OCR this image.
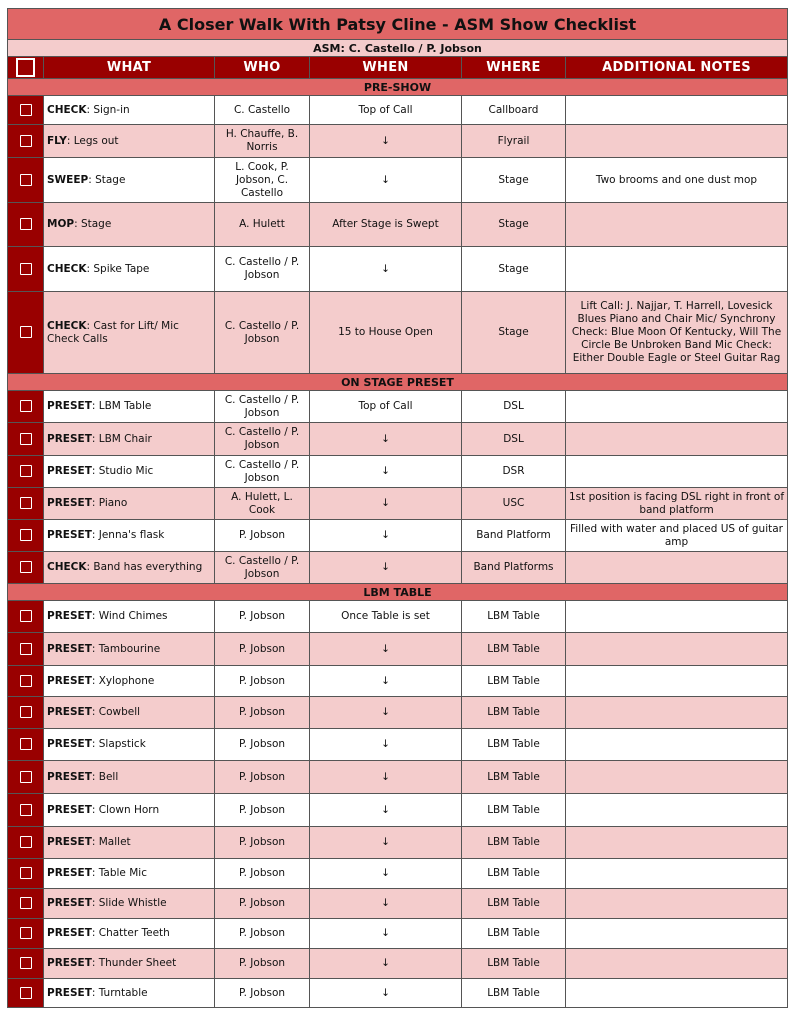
A Closer Walk With Patsy Cline - ASM Show Checklist					
ASM: C. Castello / P. Jobson					
	WHAT	WHO	WHEN	WHERE	ADDITIONAL NOTES
PRE-SHOW					
	CHECK: Sign-in	C. Castello	Top of Call	Callboard	
	FLY: Legs out	H. Chauffe, B. Norris	↓	Flyrail	
	SWEEP: Stage	L. Cook, P. Jobson, C. Castello	↓	Stage	Two brooms and one dust mop
	MOP: Stage	A. Hulett	After Stage is Swept	Stage	
	CHECK: Spike Tape	C. Castello / P. Jobson	↓	Stage	
	CHECK: Cast for Lift/ Mic Check Calls	C. Castello / P. Jobson	15 to House Open	Stage	Lift Call: J. Najjar, T. Harrell, Lovesick Blues Piano and Chair Mic/ Synchrony Check: Blue Moon Of Kentucky, Will The Circle Be Unbroken Band Mic Check: Either Double Eagle or Steel Guitar Rag
ON STAGE PRESET					
	PRESET: LBM Table	C. Castello / P. Jobson	Top of Call	DSL	
	PRESET: LBM Chair	C. Castello / P. Jobson	↓	DSL	
	PRESET: Studio Mic	C. Castello / P. Jobson	↓	DSR	
	PRESET: Piano	A. Hulett, L. Cook	↓	USC	1st position is facing DSL right in front of band platform
	PRESET: Jenna's flask	P. Jobson	↓	Band Platform	Filled with water and placed US of guitar amp
	CHECK: Band has everything	C. Castello / P. Jobson	↓	Band Platforms	
LBM TABLE					
	PRESET: Wind Chimes	P. Jobson	Once Table is set	LBM Table	
	PRESET: Tambourine	P. Jobson	↓	LBM Table	
	PRESET: Xylophone	P. Jobson	↓	LBM Table	
	PRESET: Cowbell	P. Jobson	↓	LBM Table	
	PRESET: Slapstick	P. Jobson	↓	LBM Table	
	PRESET: Bell	P. Jobson	↓	LBM Table	
	PRESET: Clown Horn	P. Jobson	↓	LBM Table	
	PRESET: Mallet	P. Jobson	↓	LBM Table	
	PRESET: Table Mic	P. Jobson	↓	LBM Table	
	PRESET: Slide Whistle	P. Jobson	↓	LBM Table	
	PRESET: Chatter Teeth	P. Jobson	↓	LBM Table	
	PRESET: Thunder Sheet	P. Jobson	↓	LBM Table	
	PRESET: Turntable	P. Jobson	↓	LBM Table	
